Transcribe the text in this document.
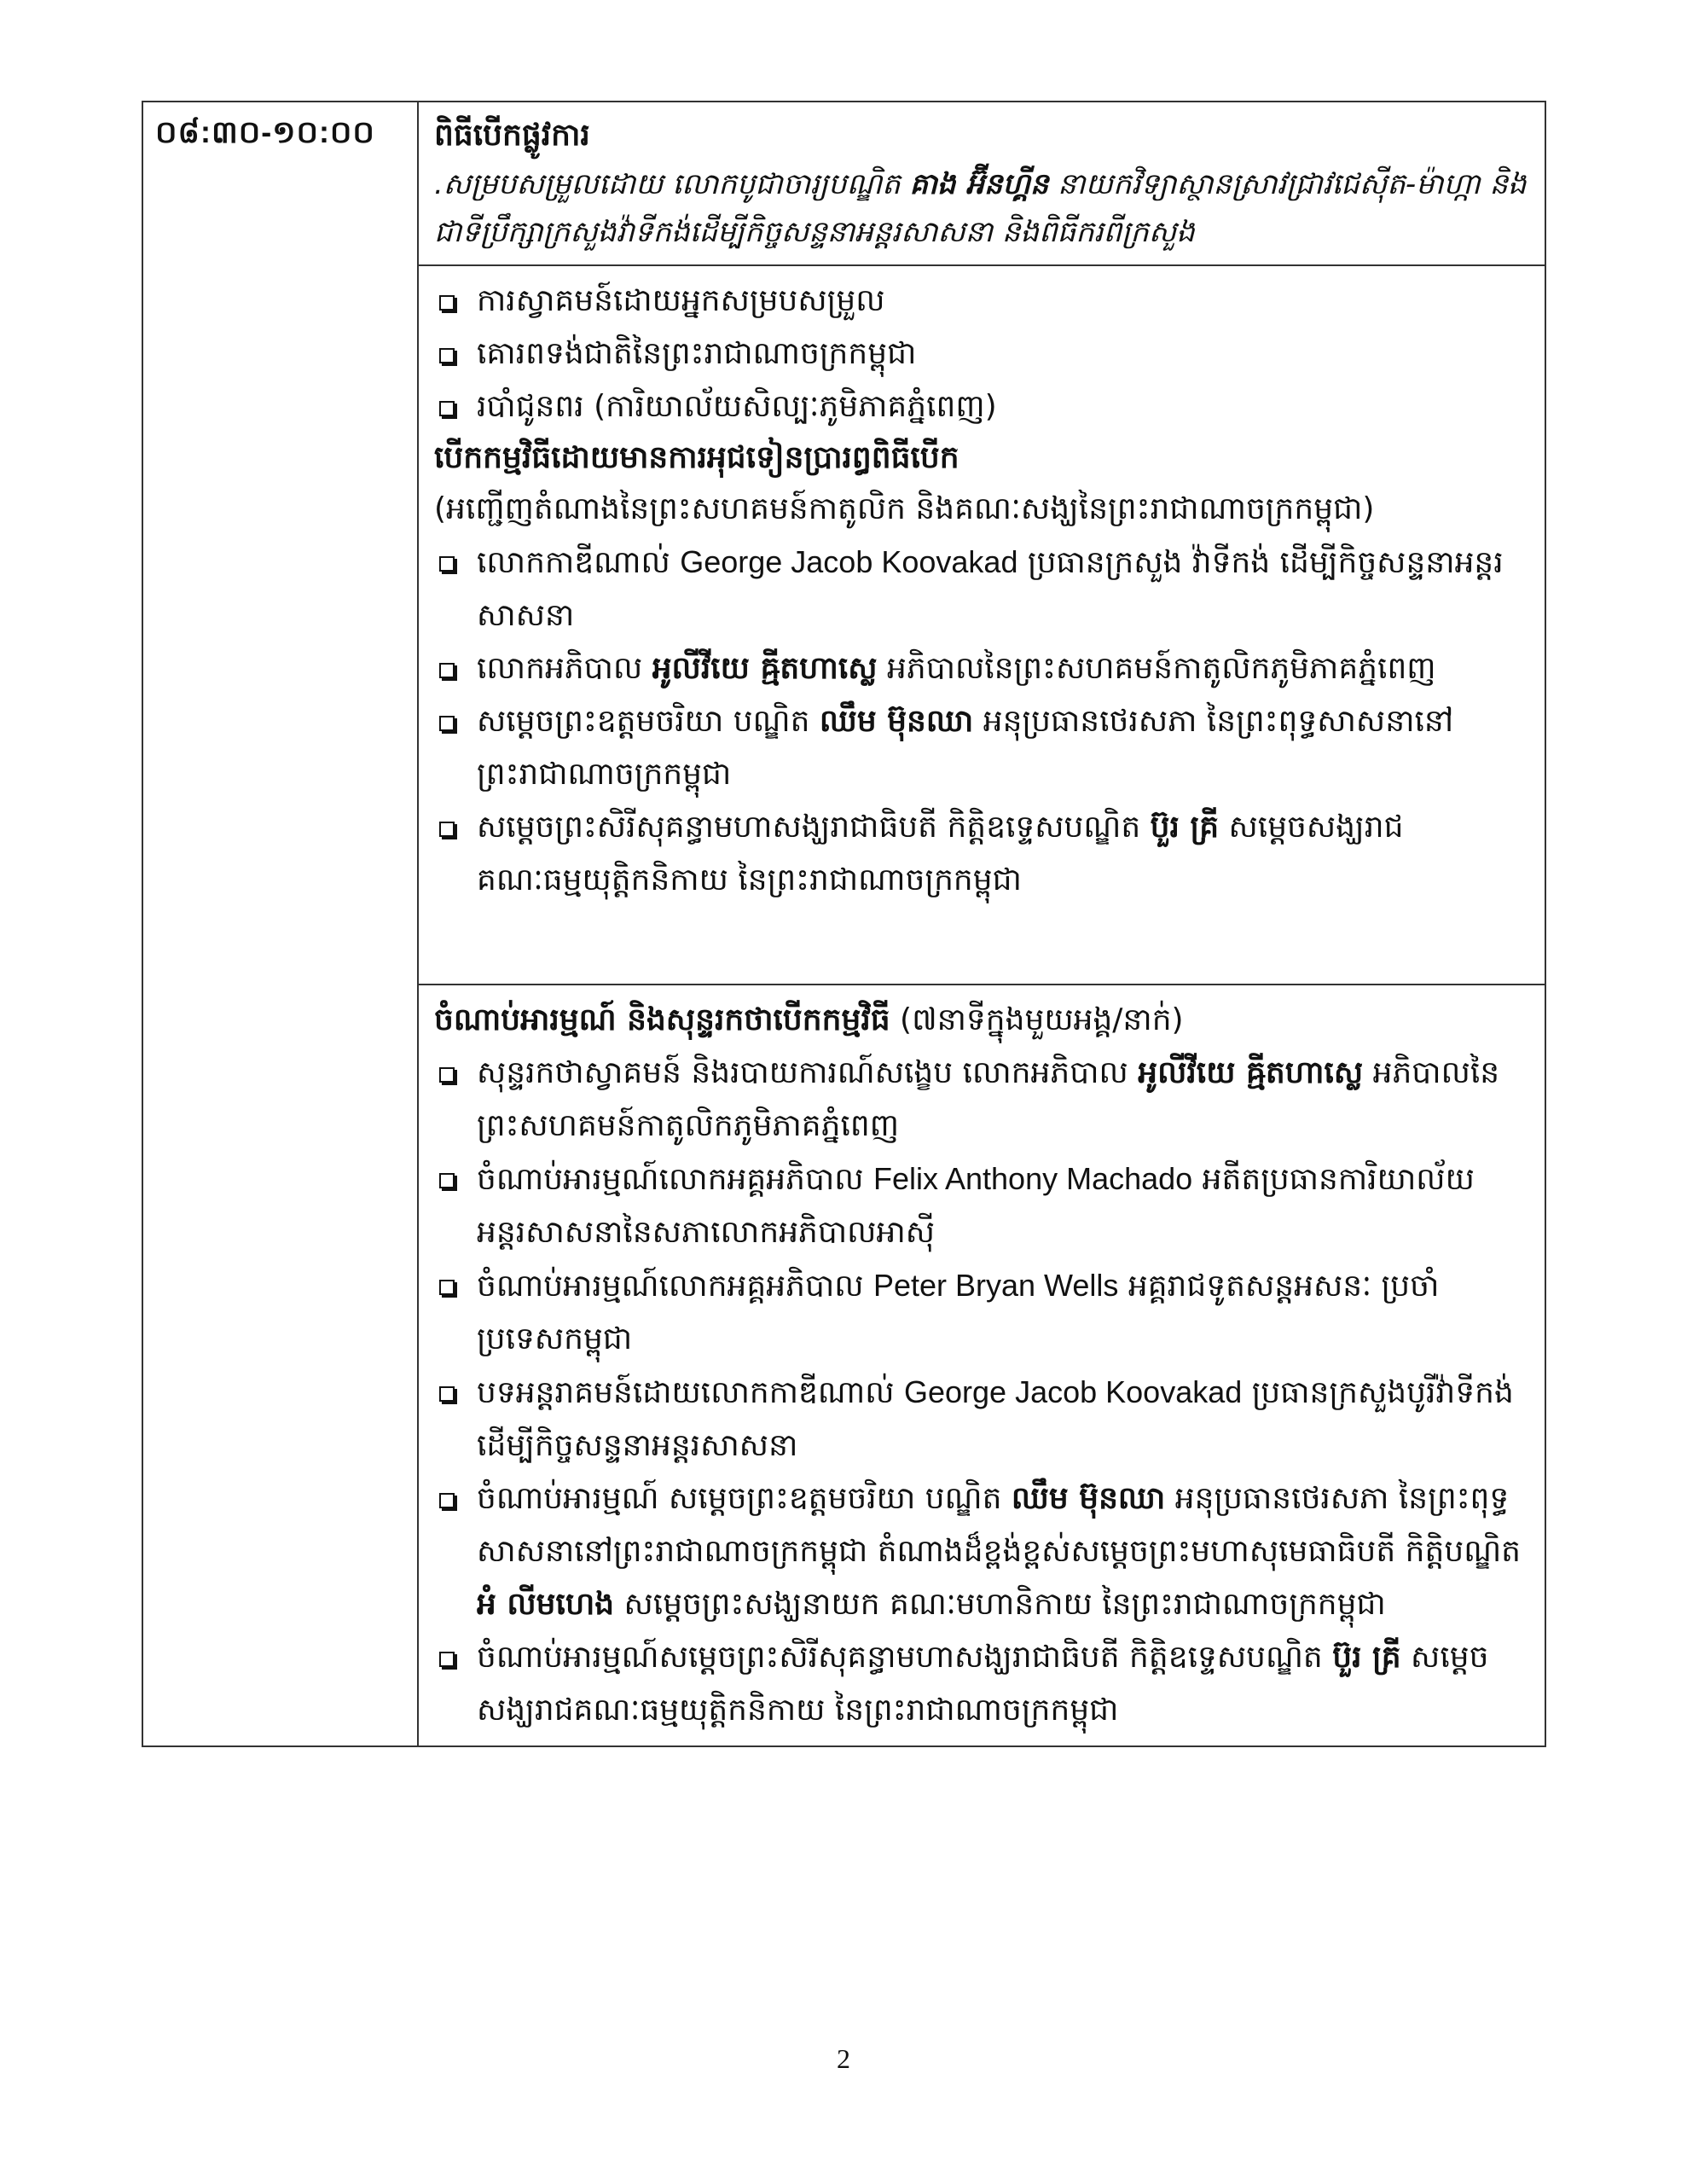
០៨:៣០-១០:០០	ពិធីបើកផ្លូវការ
.សម្របសម្រួលដោយ លោកបូជាចារ្យបណ្ឌិត គាង អ៊ីនហ្គីន នាយកវិទ្យាស្ថានស្រាវជ្រាវជេស៊ីត-ម៉ាហ្កា និងជាទីប្រឹក្សាក្រសួងវ៉ាទីកង់ដើម្បីកិច្ចសន្ទនាអន្តរសាសនា និងពិធីករពីក្រសួង

ការស្វាគមន៍ដោយអ្នកសម្របសម្រួល
គោរពទង់ជាតិនៃព្រះរាជាណាចក្រកម្ពុជា
របាំជូនពរ (ការិយាល័យសិល្បៈភូមិភាគភ្នំពេញ)
បើកកម្មវិធីដោយមានការអុជទៀនប្រារព្ធពិធីបើក
(អញ្ជើញតំណាងនៃព្រះសហគមន៍កាតូលិក និងគណៈសង្ឃនៃព្រះរាជាណាចក្រកម្ពុជា)
លោកកាឌីណាល់ George Jacob Koovakad ប្រធានក្រសួង វ៉ាទីកង់ ដើម្បីកិច្ចសន្ទនាអន្តរសាសនា
លោកអភិបាល អូលីវីយេ ឝ្មីតហាស្លេ អភិបាលនៃព្រះសហគមន៍កាតូលិកភូមិភាគភ្នំពេញ
សម្ដេចព្រះឧត្តមចរិយា បណ្ឌិត ឈឹម ម៊ុនឈា អនុប្រធានថេរសភា នៃព្រះពុទ្ធសាសនានៅព្រះរាជាណាចក្រកម្ពុជា
សម្តេចព្រះសិរីសុគន្ធាមហាសង្ឃរាជាធិបតី កិត្តិឧទ្ទេសបណ្ឌិត ប៊ួរ គ្រី សម្តេចសង្ឃរាជ គណៈធម្មយុត្តិកនិកាយ នៃព្រះរាជាណាចក្រកម្ពុជា

ចំណាប់អារម្មណ៍ និងសុន្ទរកថាបើកកម្មវិធី (៧នាទីក្នុងមួយអង្គ/នាក់)
សុន្ទរកថាស្វាគមន៍ និងរបាយការណ៍សង្ខេប លោកអភិបាល អូលីវីយេ ឝ្មីតហាស្លេ អភិបាលនៃព្រះសហគមន៍កាតូលិកភូមិភាគភ្នំពេញ
ចំណាប់អារម្មណ៍លោកអគ្គអភិបាល Felix Anthony Machado អតីតប្រធានការិយាល័យ អន្តរសាសនានៃសភាលោកអភិបាលអាស៊ី
ចំណាប់អារម្មណ៍លោកអគ្គអភិបាល Peter Bryan Wells អគ្គរាជទូតសន្តអសនៈ ប្រចាំប្រទេសកម្ពុជា
បទអន្តរាគមន៍ដោយលោកកាឌីណាល់ George Jacob Koovakad ប្រធានក្រសួងបូរីវ៉ាទីកង់ ដើម្បីកិច្ចសន្ទនាអន្តរសាសនា
ចំណាប់អារម្មណ៍ សម្ដេចព្រះឧត្តមចរិយា បណ្ឌិត ឈឹម ម៊ុនឈា អនុប្រធានថេរសភា នៃព្រះពុទ្ធសាសនានៅព្រះរាជាណាចក្រកម្ពុជា តំណាងដ៏ខ្ពង់ខ្ពស់សម្តេចព្រះមហាសុមេធាធិបតី កិត្តិបណ្ឌិត អំ លីមហេង សម្តេចព្រះសង្ឃនាយក គណៈមហានិកាយ នៃព្រះរាជាណាចក្រកម្ពុជា
ចំណាប់អារម្មណ៍សម្តេចព្រះសិរីសុគន្ធាមហាសង្ឃរាជាធិបតី កិត្តិឧទ្ទេសបណ្ឌិត ប៊ួរ គ្រី សម្តេចសង្ឃរាជគណៈធម្មយុត្តិកនិកាយ នៃព្រះរាជាណាចក្រកម្ពុជា
2
